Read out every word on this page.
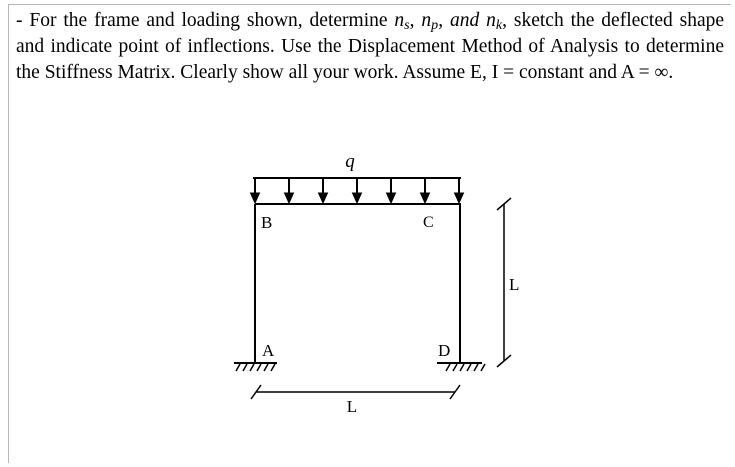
- For the frame and loading shown, determine $n_s$, $n_p$, and $n_k$, sketch the deflected shape and indicate point of inflections. Use the Displacement Method of Analysis to determine the Stiffness Matrix. Clearly show all your work. Assume E, I = constant and A = ∞.

q
B	C
A	D
L
L
